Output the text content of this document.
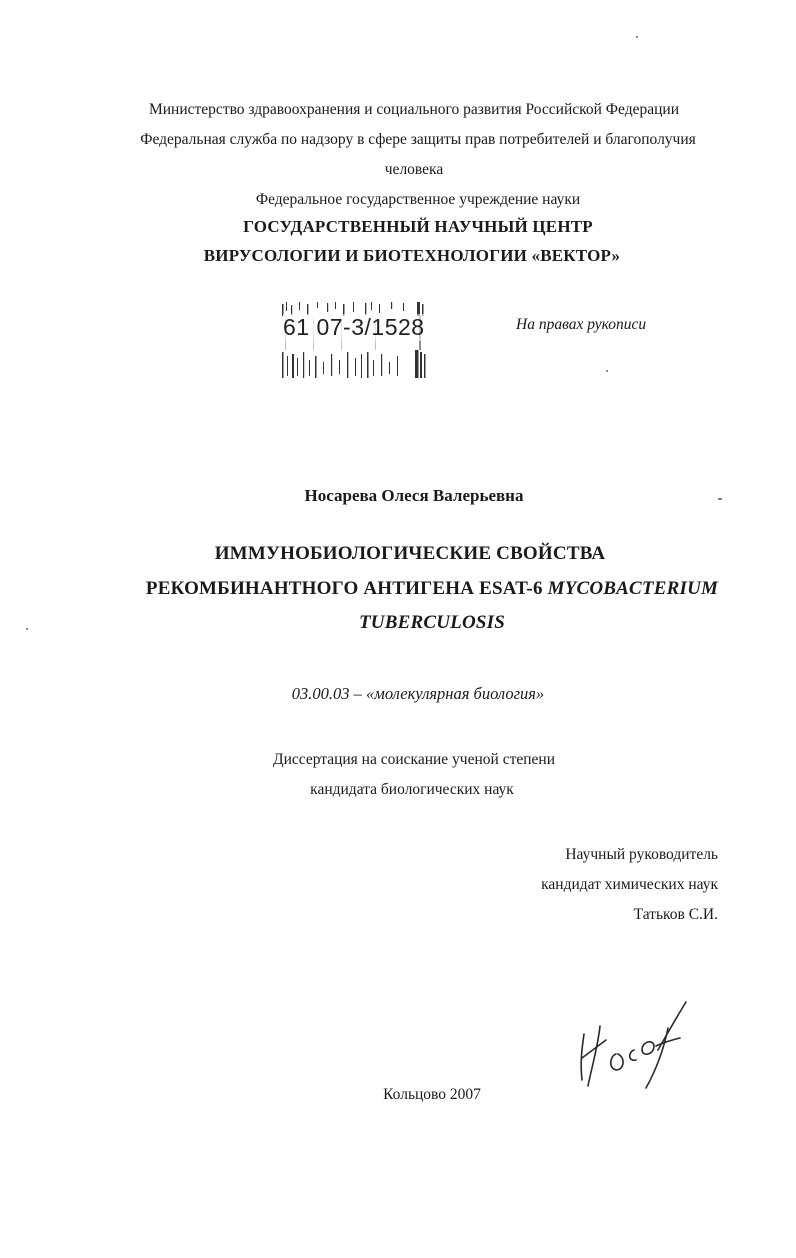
Министерство здравоохранения и социального развития Российской Федерации
Федеральная служба по надзору в сфере защиты прав потребителей и благополучия
человека
Федеральное государственное учреждение науки
ГОСУДАРСТВЕННЫЙ НАУЧНЫЙ ЦЕНТР
ВИРУСОЛОГИИ И БИОТЕХНОЛОГИИ «ВЕКТОР»
61 07-3/1528	На правах рукописи
Носарева Олеся Валерьевна
ИММУНОБИОЛОГИЧЕСКИЕ СВОЙСТВА
РЕКОМБИНАНТНОГО АНТИГЕНА ESAT-6 MYCOBACTERIUM
TUBERCULOSIS
03.00.03 – «молекулярная биология»
Диссертация на соискание ученой степени
кандидата биологических наук
Научный руководитель
кандидат химических наук
Татьков С.И.
Кольцово 2007
